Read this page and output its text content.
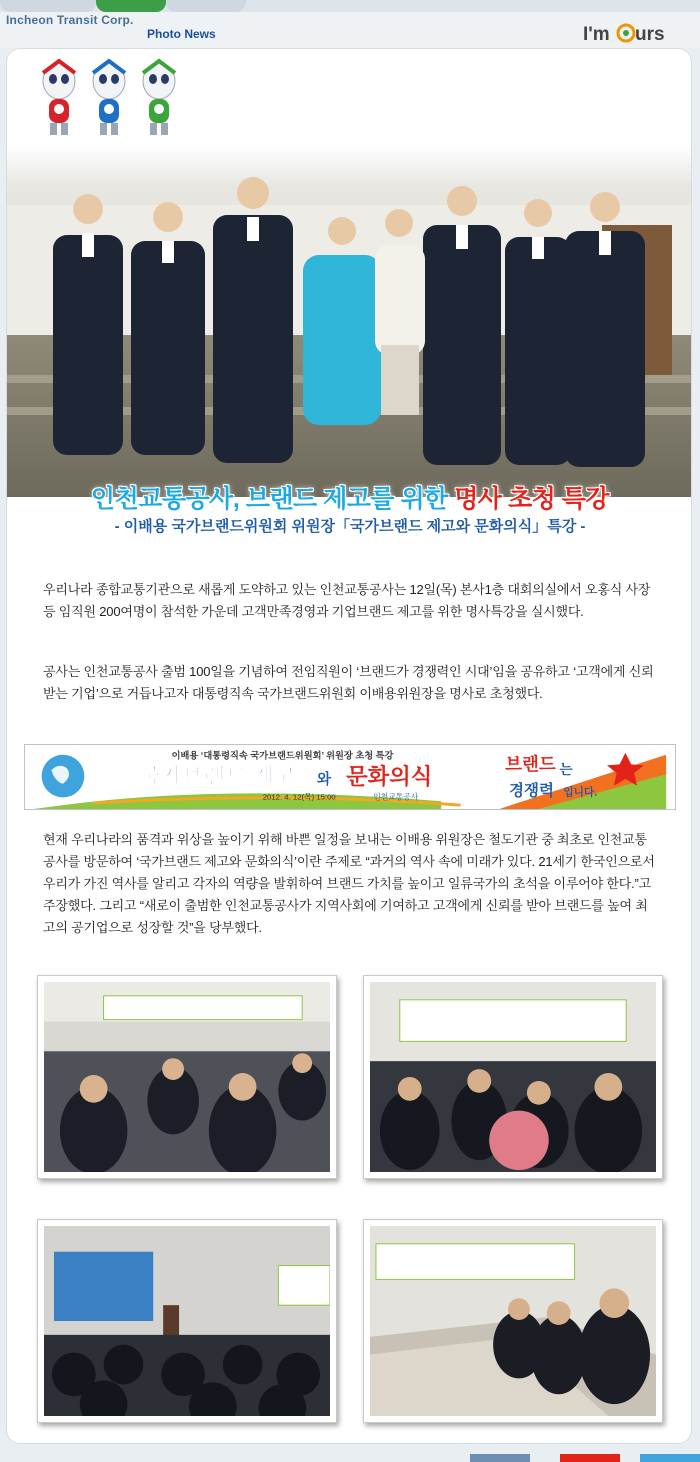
Incheon Transit Corp.
Photo News	I'm urs
인천교통공사, 브랜드 제고를 위한 명사 초청 특강
- 이배용 국가브랜드위원회 위원장「국가브랜드 제고와 문화의식」특강 -
우리나라 종합교통기관으로 새롭게 도약하고 있는 인천교통공사는 12일(목) 본사1층 대회의실에서 오홍식 사장 등 임직원 200여명이 참석한 가운데 고객만족경영과 기업브랜드 제고를 위한 명사특강을 실시했다.
공사는 인천교통공사 출범 100일을 기념하여 전임직원이 ‘브랜드가 경쟁력인 시대’임을 공유하고 ‘고객에게 신뢰받는 기업’으로 거듭나고자 대통령직속 국가브랜드위원회 이배용위원장을 명사로 초청했다.
이배용 ‘대통령직속 국가브랜드위원회’ 위원장 초청 특강
국가브랜드 제고 와 문화의식
2012. 4. 12(목) 15:00	인천교통공사
브랜드 는
경쟁력 입니다.
현재 우리나라의 품격과 위상을 높이기 위해 바쁜 일정을 보내는 이배용 위원장은 철도기관 중 최초로 인천교통공사를 방문하여 ‘국가브랜드 제고와 문화의식’이란 주제로 “과거의 역사 속에 미래가 있다. 21세기 한국인으로서 우리가 가진 역사를 알리고 각자의 역량을 발휘하여 브랜드 가치를 높이고 일류국가의 초석을 이루어야 한다.”고 주장했다. 그리고 “새로이 출범한 인천교통공사가 지역사회에 기여하고 고객에게 신뢰를 받아 브랜드를 높여 최고의 공기업으로 성장할 것”을 당부했다.
